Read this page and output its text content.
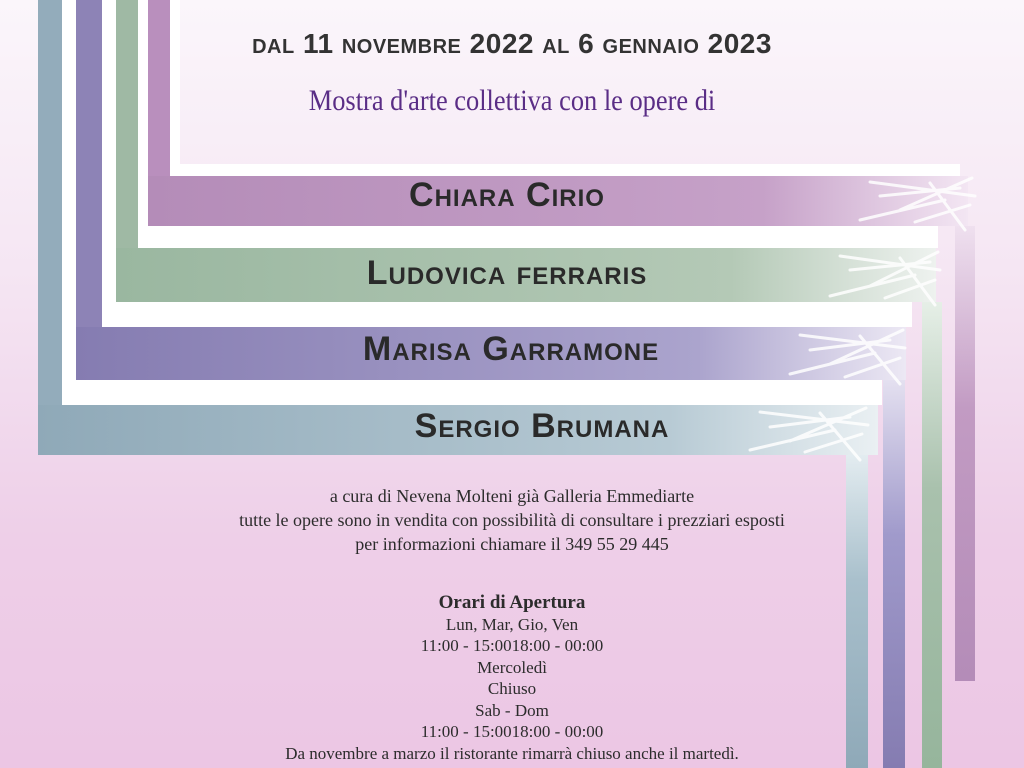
dal 11 novembre 2022 al 6 gennaio 2023
Mostra d'arte collettiva con le opere di
Chiara Cirio
Ludovica ferraris
Marisa Garramone
Sergio Brumana
a cura di Nevena Molteni già Galleria Emmediarte
tutte le opere sono in vendita con possibilità di consultare i prezziari esposti
per informazioni chiamare il 349 55 29 445
Orari di Apertura
Lun, Mar, Gio, Ven
11:00 - 15:0018:00 - 00:00
Mercoledì
Chiuso
Sab - Dom
11:00 - 15:0018:00 - 00:00
Da novembre a marzo il ristorante rimarrà chiuso anche il martedì.
